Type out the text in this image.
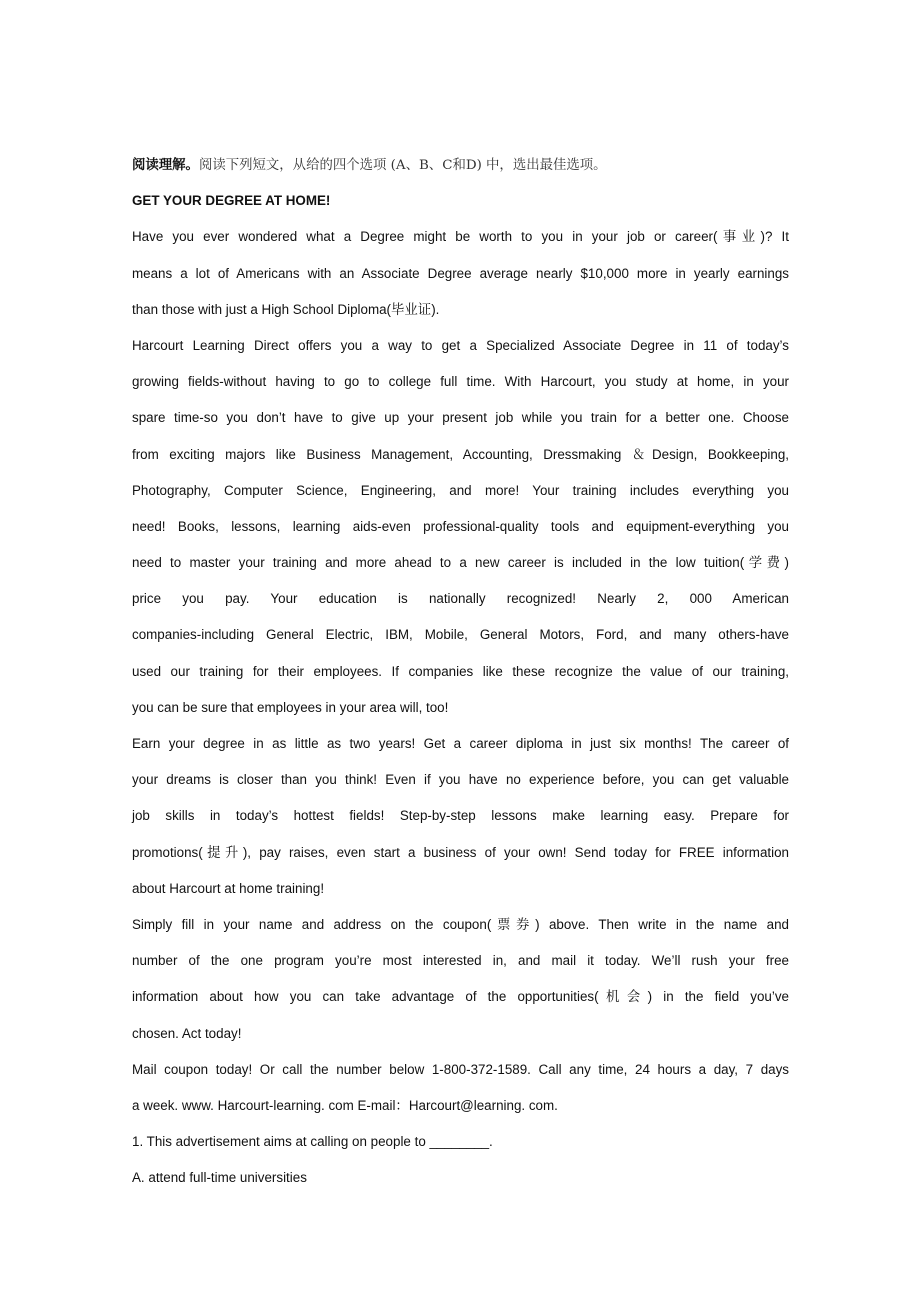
阅读理解。阅读下列短文，从给的四个选项 (A、B、C和D) 中，选出最佳选项。
GET YOUR DEGREE AT HOME!
Have you ever wondered what a Degree might be worth to you in your job or career(事业)? It
means a lot of Americans with an Associate Degree average nearly $10,000 more in yearly earnings
than those with just a High School Diploma(毕业证).
Harcourt Learning Direct offers you a way to get a Specialized Associate Degree in 11 of today’s
growing fields-without having to go to college full time. With Harcourt, you study at home, in your
spare time-so you don’t have to give up your present job while you train for a better one. Choose
from exciting majors like Business Management, Accounting, Dressmaking ＆Design, Bookkeeping,
Photography, Computer Science, Engineering, and more! Your training includes everything you
need! Books, lessons, learning aids-even professional-quality tools and equipment-everything you
need to master your training and more ahead to a new career is included in the low tuition(学费)
price you pay. Your education is nationally recognized! Nearly 2, 000 American
companies-including General Electric, IBM, Mobile, General Motors, Ford, and many others-have
used our training for their employees. If companies like these recognize the value of our training,
you can be sure that employees in your area will, too!
Earn your degree in as little as two years! Get a career diploma in just six months! The career of
your dreams is closer than you think! Even if you have no experience before, you can get valuable
job skills in today’s hottest fields! Step-by-step lessons make learning easy. Prepare for
promotions(提升), pay raises, even start a business of your own! Send today for FREE information
about Harcourt at home training!
Simply fill in your name and address on the coupon(票券) above. Then write in the name and
number of the one program you’re most interested in, and mail it today. We’ll rush your free
information about how you can take advantage of the opportunities(机会) in the field you’ve
chosen. Act today!
Mail coupon today! Or call the number below 1-800-372-1589. Call any time, 24 hours a day, 7 days
a week. www. Harcourt-learning. com E-mail：Harcourt@learning. com.
1. This advertisement aims at calling on people to ________.
A. attend full-time universities
